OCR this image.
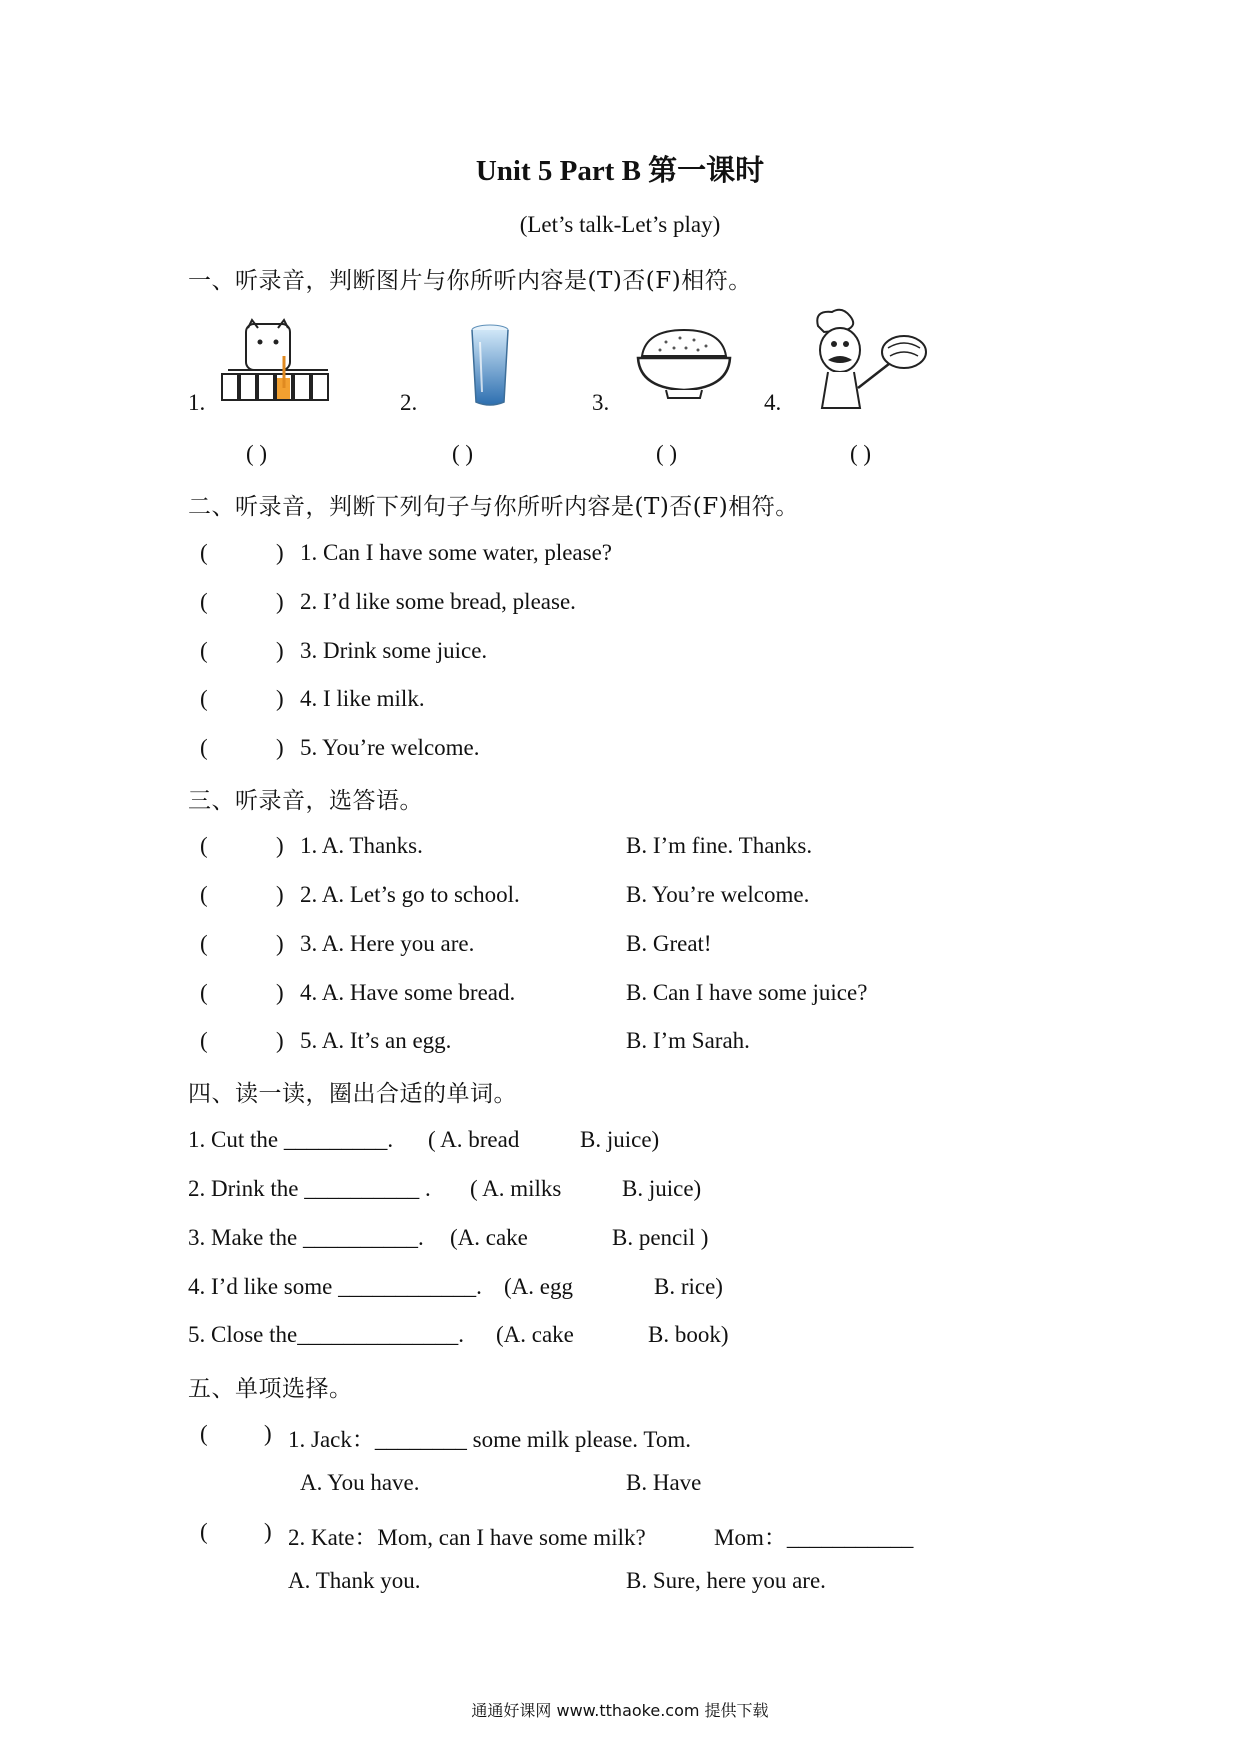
Unit 5 Part B 第一课时
(Let’s talk-Let’s play)
一、听录音，判断图片与你所听内容是(T)否(F)相符。
1.	2.	3.	4.
( )	( )	( )	( )
二、听录音，判断下列句子与你所听内容是(T)否(F)相符。
(	) 1. Can I have some water, please?
(	) 2. I’d like some bread, please.
(	) 3. Drink some juice.
(	) 4. I like milk.
(	) 5. You’re welcome.
三、听录音，选答语。
(	) 1. A. Thanks.	B. I’m fine. Thanks.
(	) 2. A. Let’s go to school.	B. You’re welcome.
(	) 3. A. Here you are.	B. Great!
(	) 4. A. Have some bread.	B. Can I have some juice?
(	) 5. A. It’s an egg.	B. I’m Sarah.
四、读一读，圈出合适的单词。
1. Cut the _________. ( A. bread	B. juice)
2. Drink the __________ . ( A. milks	B. juice)
3. Make the __________. (A. cake	B. pencil )
4. I’d like some ____________. (A. egg	B. rice)
5. Close the______________. (A. cake	B. book)
五、单项选择。
( ) 1. Jack：________ some milk please. Tom.
A. You have.	B. Have
( ) 2. Kate：Mom, can I have some milk?	Mom：___________
A. Thank you.	B. Sure, here you are.
通通好课网 www.tthaoke.com 提供下载
